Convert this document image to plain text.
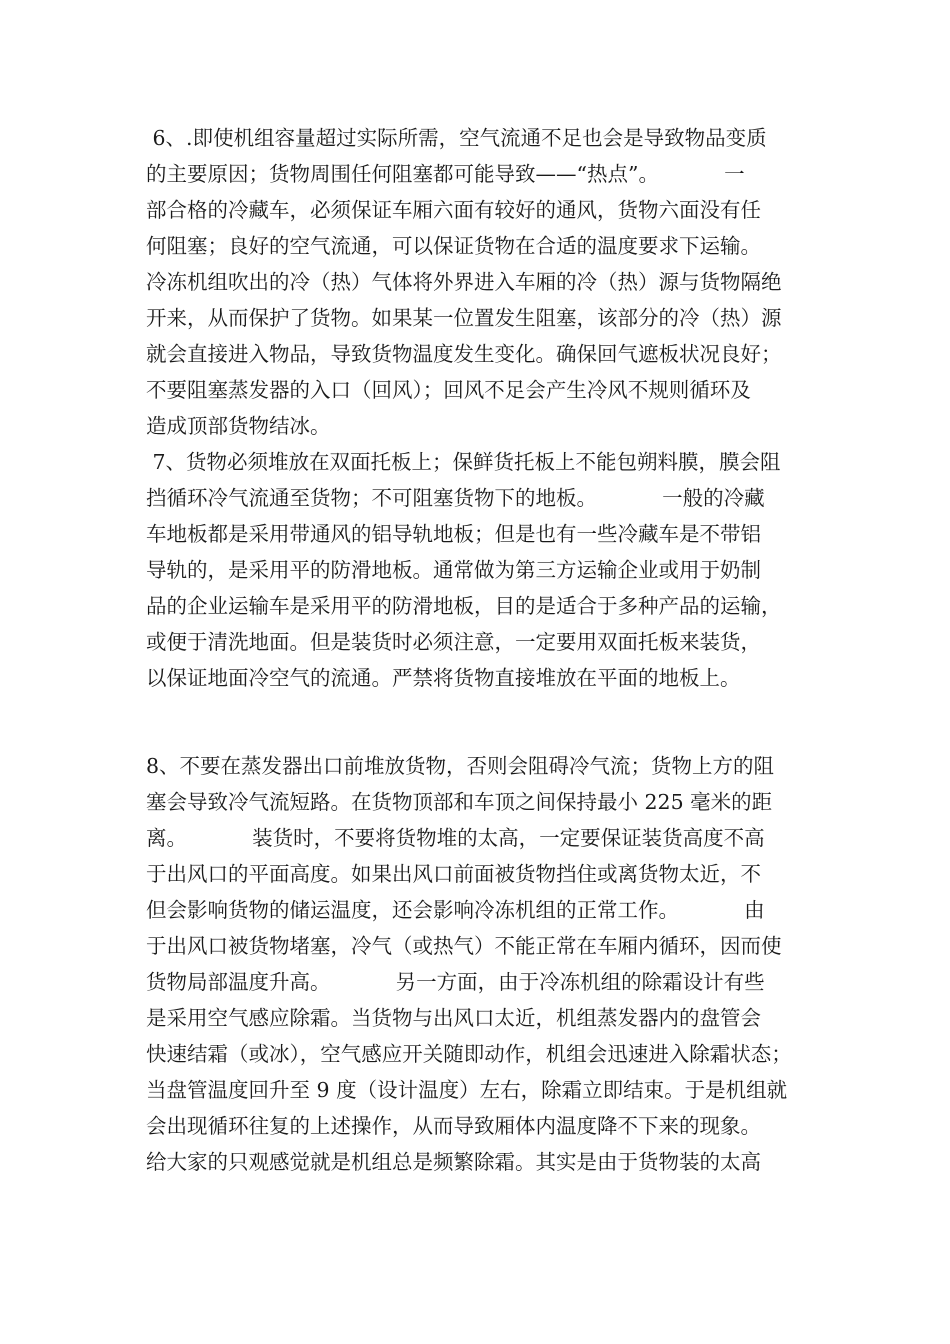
6、.即使机组容量超过实际所需，空气流通不足也会是导致物品变质
的主要原因；货物周围任何阻塞都可能导致——“热点”。          一
部合格的冷藏车，必须保证车厢六面有较好的通风，货物六面没有任
何阻塞；良好的空气流通，可以保证货物在合适的温度要求下运输。
冷冻机组吹出的冷（热）气体将外界进入车厢的冷（热）源与货物隔绝
开来，从而保护了货物。如果某一位置发生阻塞，该部分的冷（热）源
就会直接进入物品，导致货物温度发生变化。确保回气遮板状况良好；
不要阻塞蒸发器的入口（回风）；回风不足会产生冷风不规则循环及
造成顶部货物结冰。
7、货物必须堆放在双面托板上；保鲜货托板上不能包朔料膜，膜会阻
挡循环冷气流通至货物；不可阻塞货物下的地板。          一般的冷藏
车地板都是采用带通风的铝导轨地板；但是也有一些冷藏车是不带铝
导轨的，是采用平的防滑地板。通常做为第三方运输企业或用于奶制
品的企业运输车是采用平的防滑地板，目的是适合于多种产品的运输，
或便于清洗地面。但是装货时必须注意，一定要用双面托板来装货，
以保证地面冷空气的流通。严禁将货物直接堆放在平面的地板上。
8、不要在蒸发器出口前堆放货物，否则会阻碍冷气流；货物上方的阻
塞会导致冷气流短路。在货物顶部和车顶之间保持最小 225 毫米的距
离。          装货时，不要将货物堆的太高，一定要保证装货高度不高
于出风口的平面高度。如果出风口前面被货物挡住或离货物太近，不
但会影响货物的储运温度，还会影响冷冻机组的正常工作。          由
于出风口被货物堵塞，冷气（或热气）不能正常在车厢内循环，因而使
货物局部温度升高。          另一方面，由于冷冻机组的除霜设计有些
是采用空气感应除霜。当货物与出风口太近，机组蒸发器内的盘管会
快速结霜（或冰），空气感应开关随即动作，机组会迅速进入除霜状态；
当盘管温度回升至 9 度（设计温度）左右，除霜立即结束。于是机组就
会出现循环往复的上述操作，从而导致厢体内温度降不下来的现象。
给大家的只观感觉就是机组总是频繁除霜。其实是由于货物装的太高
